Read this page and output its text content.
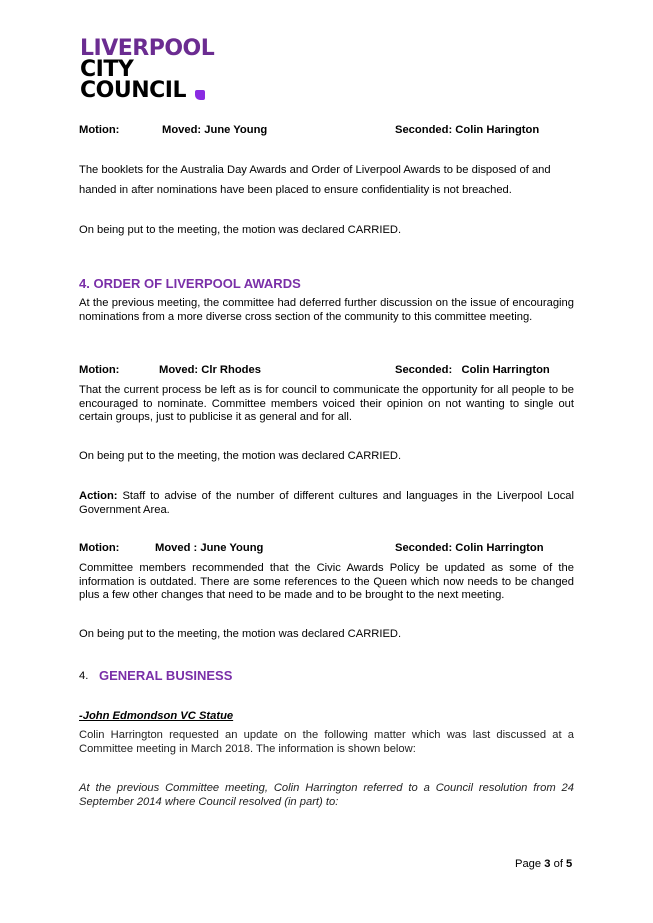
LIVERPOOL
CITY
COUNCIL
Motion:	Moved: June Young	Seconded: Colin Harington
The booklets for the Australia Day Awards and Order of Liverpool Awards to be disposed of and
handed in after nominations have been placed to ensure confidentiality is not breached.
On being put to the meeting, the motion was declared CARRIED.
4. ORDER OF LIVERPOOL AWARDS
At the previous meeting, the committee had deferred further discussion on the issue of encouraging nominations from a more diverse cross section of the community to this committee meeting.
Motion:	Moved: Clr Rhodes	Seconded:   Colin Harrington
That the current process be left as is for council to communicate the opportunity for all people to be encouraged to nominate. Committee members voiced their opinion on not wanting to single out certain groups, just to publicise it as general and for all.
On being put to the meeting, the motion was declared CARRIED.
Action: Staff to advise of the number of different cultures and languages in the Liverpool Local Government Area.
Motion:	Moved : June Young	Seconded: Colin Harrington
Committee members recommended that the Civic Awards Policy be updated as some of the information is outdated. There are some references to the Queen which now needs to be changed plus a few other changes that need to be made and to be brought to the next meeting.
On being put to the meeting, the motion was declared CARRIED.
4. GENERAL BUSINESS
-John Edmondson VC Statue
Colin Harrington requested an update on the following matter which was last discussed at a Committee meeting in March 2018. The information is shown below:
At the previous Committee meeting, Colin Harrington referred to a Council resolution from 24 September 2014 where Council resolved (in part) to:
Page 3 of 5
